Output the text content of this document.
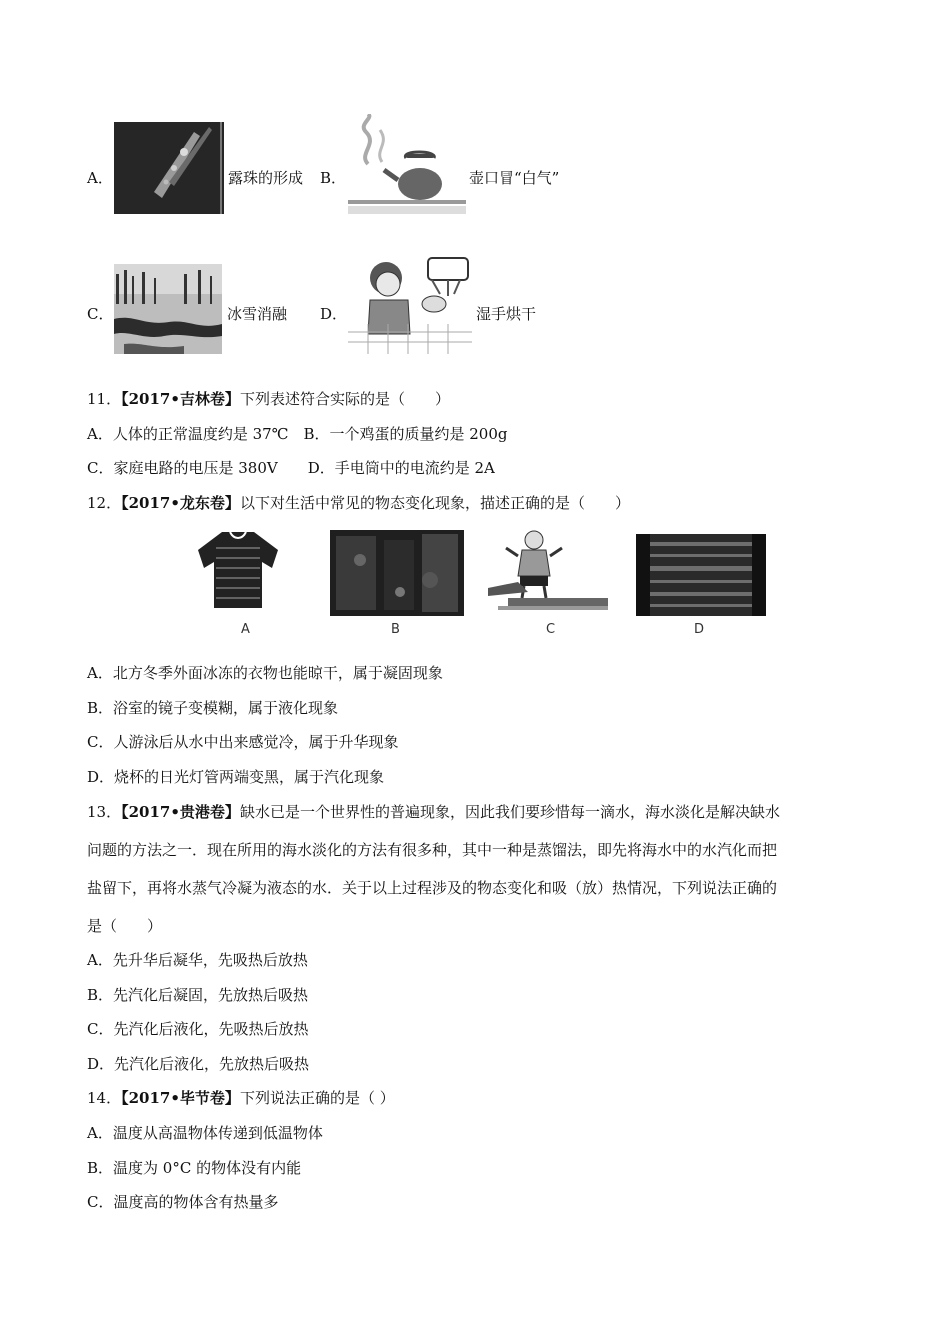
A．	露珠的形成 B．	壶口冒“白气”
C．	冰雪消融 D．	湿手烘干
11．【2017•吉林卷】下列表述符合实际的是（　　）
A．人体的正常温度约是 37℃　B．一个鸡蛋的质量约是 200g
C．家庭电路的电压是 380V　　D．手电筒中的电流约是 2A
12．【2017•龙东卷】以下对生活中常见的物态变化现象，描述正确的是（　　）
A	B	C	D
A．北方冬季外面冰冻的衣物也能晾干，属于凝固现象
B．浴室的镜子变模糊，属于液化现象
C．人游泳后从水中出来感觉冷，属于升华现象
D．烧杯的日光灯管两端变黑，属于汽化现象
13．【2017•贵港卷】缺水已是一个世界性的普遍现象，因此我们要珍惜每一滴水，海水淡化是解决缺水
问题的方法之一．现在所用的海水淡化的方法有很多种，其中一种是蒸馏法，即先将海水中的水汽化而把
盐留下，再将水蒸气冷凝为液态的水．关于以上过程涉及的物态变化和吸（放）热情况，下列说法正确的
是（　　）
A．先升华后凝华，先吸热后放热
B．先汽化后凝固，先放热后吸热
C．先汽化后液化，先吸热后放热
D．先汽化后液化，先放热后吸热
14．【2017•毕节卷】下列说法正确的是（ ）
A．温度从高温物体传递到低温物体
B．温度为 0°C 的物体没有内能
C．温度高的物体含有热量多
